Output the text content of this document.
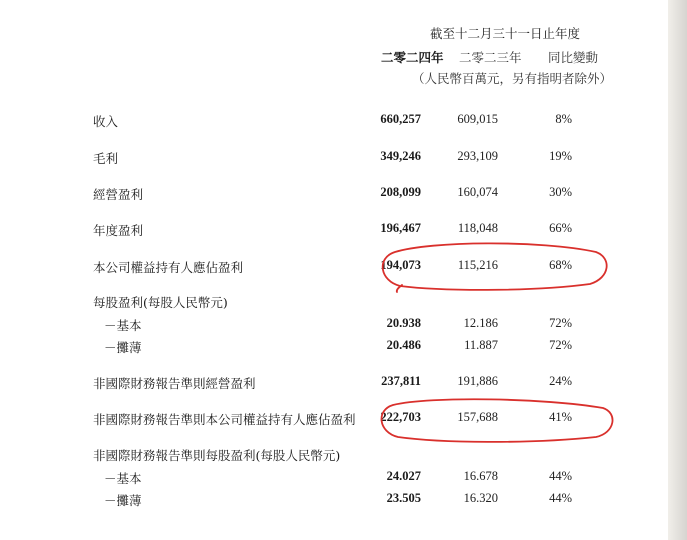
截至十二月三十一日止年度
二零二四年 二零二三年 同比變動
（人民幣百萬元，另有指明者除外）
收入	660,257	609,015	8%
毛利	349,246	293,109	19%
經營盈利	208,099	160,074	30%
年度盈利	196,467	118,048	66%
本公司權益持有人應佔盈利	194,073	115,216	68%
每股盈利(每股人民幣元)
－基本	20.938	12.186	72%
－攤薄	20.486	11.887	72%
非國際財務報告準則經營盈利	237,811	191,886	24%
非國際財務報告準則本公司權益持有人應佔盈利 222,703	157,688	41%
非國際財務報告準則每股盈利(每股人民幣元)
－基本	24.027	16.678	44%
－攤薄	23.505	16.320	44%
